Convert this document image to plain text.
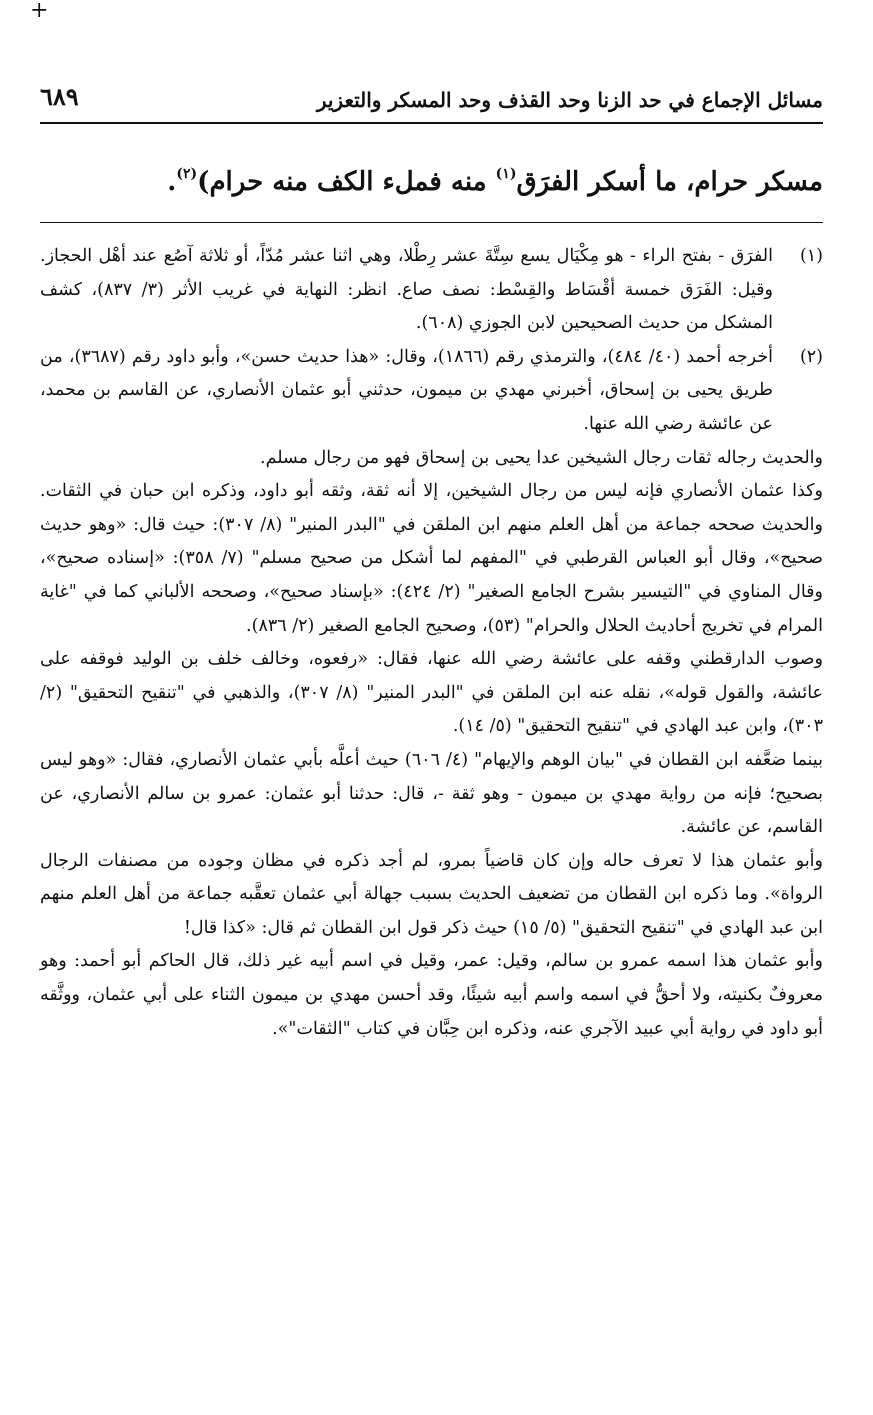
+
مسائل الإجماع في حد الزنا وحد القذف وحد المسكر والتعزير
٦٨٩
مسكر حرام، ما أسكر الفرَق$^{(١)}$ منه فملء الكف منه حرام)$^{(٢)}$.
(١)
الفرَق - بفتح الراء - هو مِكْيَال يسع سِتَّةَ عشر رِطْلا، وهي اثنا عشر مُدّاً، أو ثلاثة آصُع عند أهْل الحجاز. وقيل: الفَرَق خمسة أقْسَاط والقِسْط: نصف صاع. انظر: النهاية في غريب الأثر (٣/ ٨٣٧)، كشف المشكل من حديث الصحيحين لابن الجوزي (٦٠٨).
(٢)
أخرجه أحمد (٤٠/ ٤٨٤)، والترمذي رقم (١٨٦٦)، وقال: «هذا حديث حسن»، وأبو داود رقم (٣٦٨٧)، من طريق يحيى بن إسحاق، أخبرني مهدي بن ميمون، حدثني أبو عثمان الأنصاري، عن القاسم بن محمد، عن عائشة رضي الله عنها.

والحديث رجاله ثقات رجال الشيخين عدا يحيى بن إسحاق فهو من رجال مسلم.

وكذا عثمان الأنصاري فإنه ليس من رجال الشيخين، إلا أنه ثقة، وثقه أبو داود، وذكره ابن حبان في الثقات. والحديث صححه جماعة من أهل العلم منهم ابن الملقن في "البدر المنير" (٨/ ٣٠٧): حيث قال: «وهو حديث صحيح»، وقال أبو العباس القرطبي في "المفهم لما أشكل من صحيح مسلم" (٧/ ٣٥٨): «إسناده صحيح»، وقال المناوي في "التيسير بشرح الجامع الصغير" (٢/ ٤٢٤): «بإسناد صحيح»، وصححه الألباني كما في "غاية المرام في تخريج أحاديث الحلال والحرام" (٥٣)، وصحيح الجامع الصغير (٢/ ٨٣٦).

وصوب الدارقطني وقفه على عائشة رضي الله عنها، فقال: «رفعوه، وخالف خلف بن الوليد فوقفه على عائشة، والقول قوله»، نقله عنه ابن الملقن في "البدر المنير" (٨/ ٣٠٧)، والذهبي في "تنقيح التحقيق" (٢/ ٣٠٣)، وابن عبد الهادي في "تنقيح التحقيق" (٥/ ١٤).

بينما ضعَّفه ابن القطان في "بيان الوهم والإيهام" (٤/ ٦٠٦) حيث أعلَّه بأبي عثمان الأنصاري، فقال: «وهو ليس بصحيح؛ فإنه من رواية مهدي بن ميمون - وهو ثقة -، قال: حدثنا أبو عثمان: عمرو بن سالم الأنصاري، عن القاسم، عن عائشة.

وأبو عثمان هذا لا تعرف حاله وإن كان قاضياً بمرو، لم أجد ذكره في مظان وجوده من مصنفات الرجال الرواة». وما ذكره ابن القطان من تضعيف الحديث بسبب جهالة أبي عثمان تعقَّبه جماعة من أهل العلم منهم ابن عبد الهادي في "تنقيح التحقيق" (٥/ ١٥) حيث ذكر قول ابن القطان ثم قال: «كذا قال!

وأبو عثمان هذا اسمه عمرو بن سالم، وقيل: عمر، وقيل في اسم أبيه غير ذلك، قال الحاكم أبو أحمد: وهو معروفٌ بكنيته، ولا أحقُّ في اسمه واسم أبيه شيئًا، وقد أحسن مهدي بن ميمون الثناء على أبي عثمان، ووثَّقه أبو داود في رواية أبي عبيد الآجري عنه، وذكره ابن حِبَّان في كتاب "الثقات"».
